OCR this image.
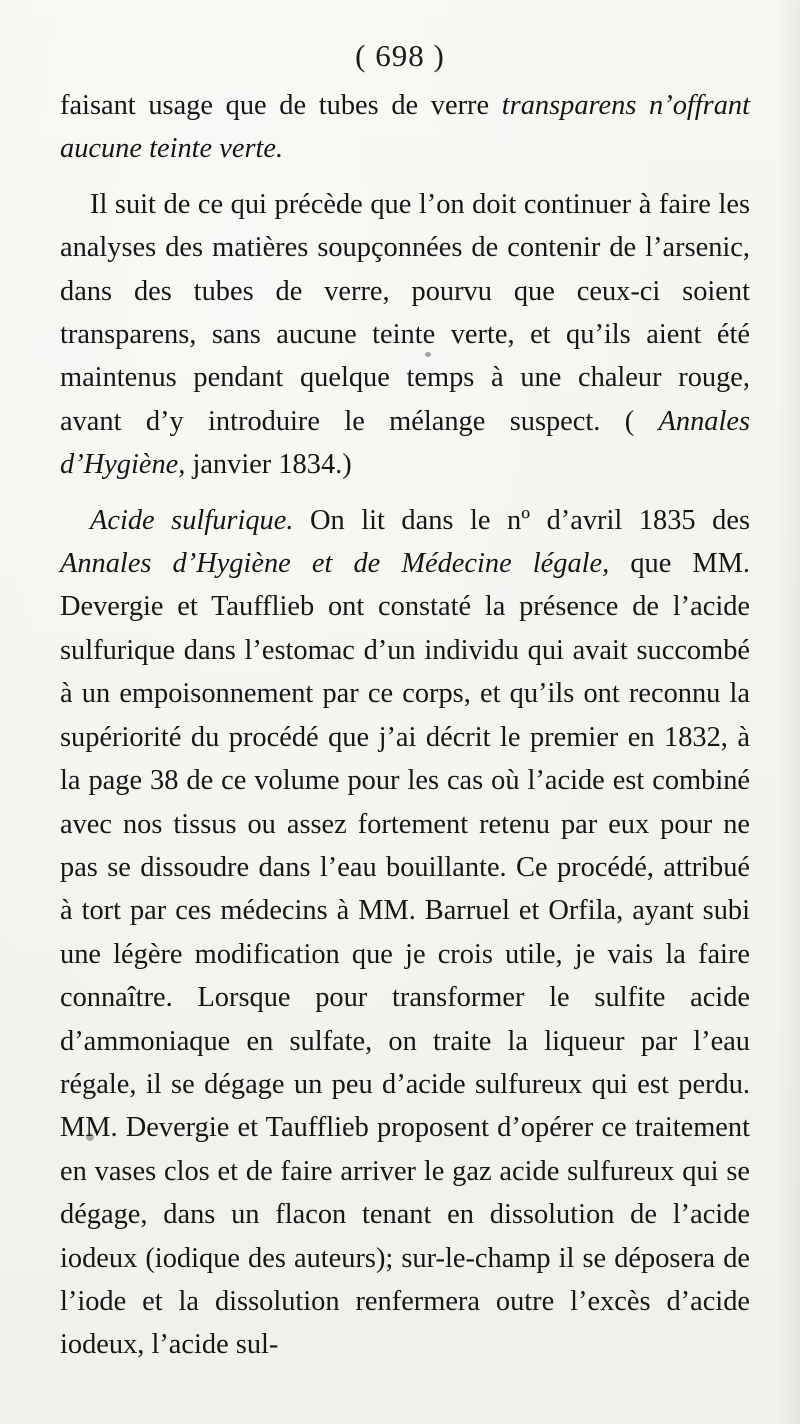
( 698 )

faisant usage que de tubes de verre transparens n’offrant aucune teinte verte.

Il suit de ce qui précède que l’on doit continuer à faire les analyses des matières soupçonnées de contenir de l’arsenic, dans des tubes de verre, pourvu que ceux-ci soient transparens, sans aucune teinte verte, et qu’ils aient été maintenus pendant quelque temps à une chaleur rouge, avant d’y introduire le mélange suspect. ( Annales d’Hygiène, janvier 1834.)

Acide sulfurique. On lit dans le nº d’avril 1835 des Annales d’Hygiène et de Médecine légale, que MM. Devergie et Taufflieb ont constaté la présence de l’acide sulfurique dans l’estomac d’un individu qui avait succombé à un empoisonnement par ce corps, et qu’ils ont reconnu la supériorité du procédé que j’ai décrit le premier en 1832, à la page 38 de ce volume pour les cas où l’acide est combiné avec nos tissus ou assez fortement retenu par eux pour ne pas se dissoudre dans l’eau bouillante. Ce procédé, attribué à tort par ces médecins à MM. Barruel et Orfila, ayant subi une légère modification que je crois utile, je vais la faire connaître. Lorsque pour transformer le sulfite acide d’ammoniaque en sulfate, on traite la liqueur par l’eau régale, il se dégage un peu d’acide sulfureux qui est perdu. MM. Devergie et Taufflieb proposent d’opérer ce traitement en vases clos et de faire arriver le gaz acide sulfureux qui se dégage, dans un flacon tenant en dissolution de l’acide iodeux (iodique des auteurs); sur-le-champ il se déposera de l’iode et la dissolution renfermera outre l’excès d’acide iodeux, l’acide sul-
